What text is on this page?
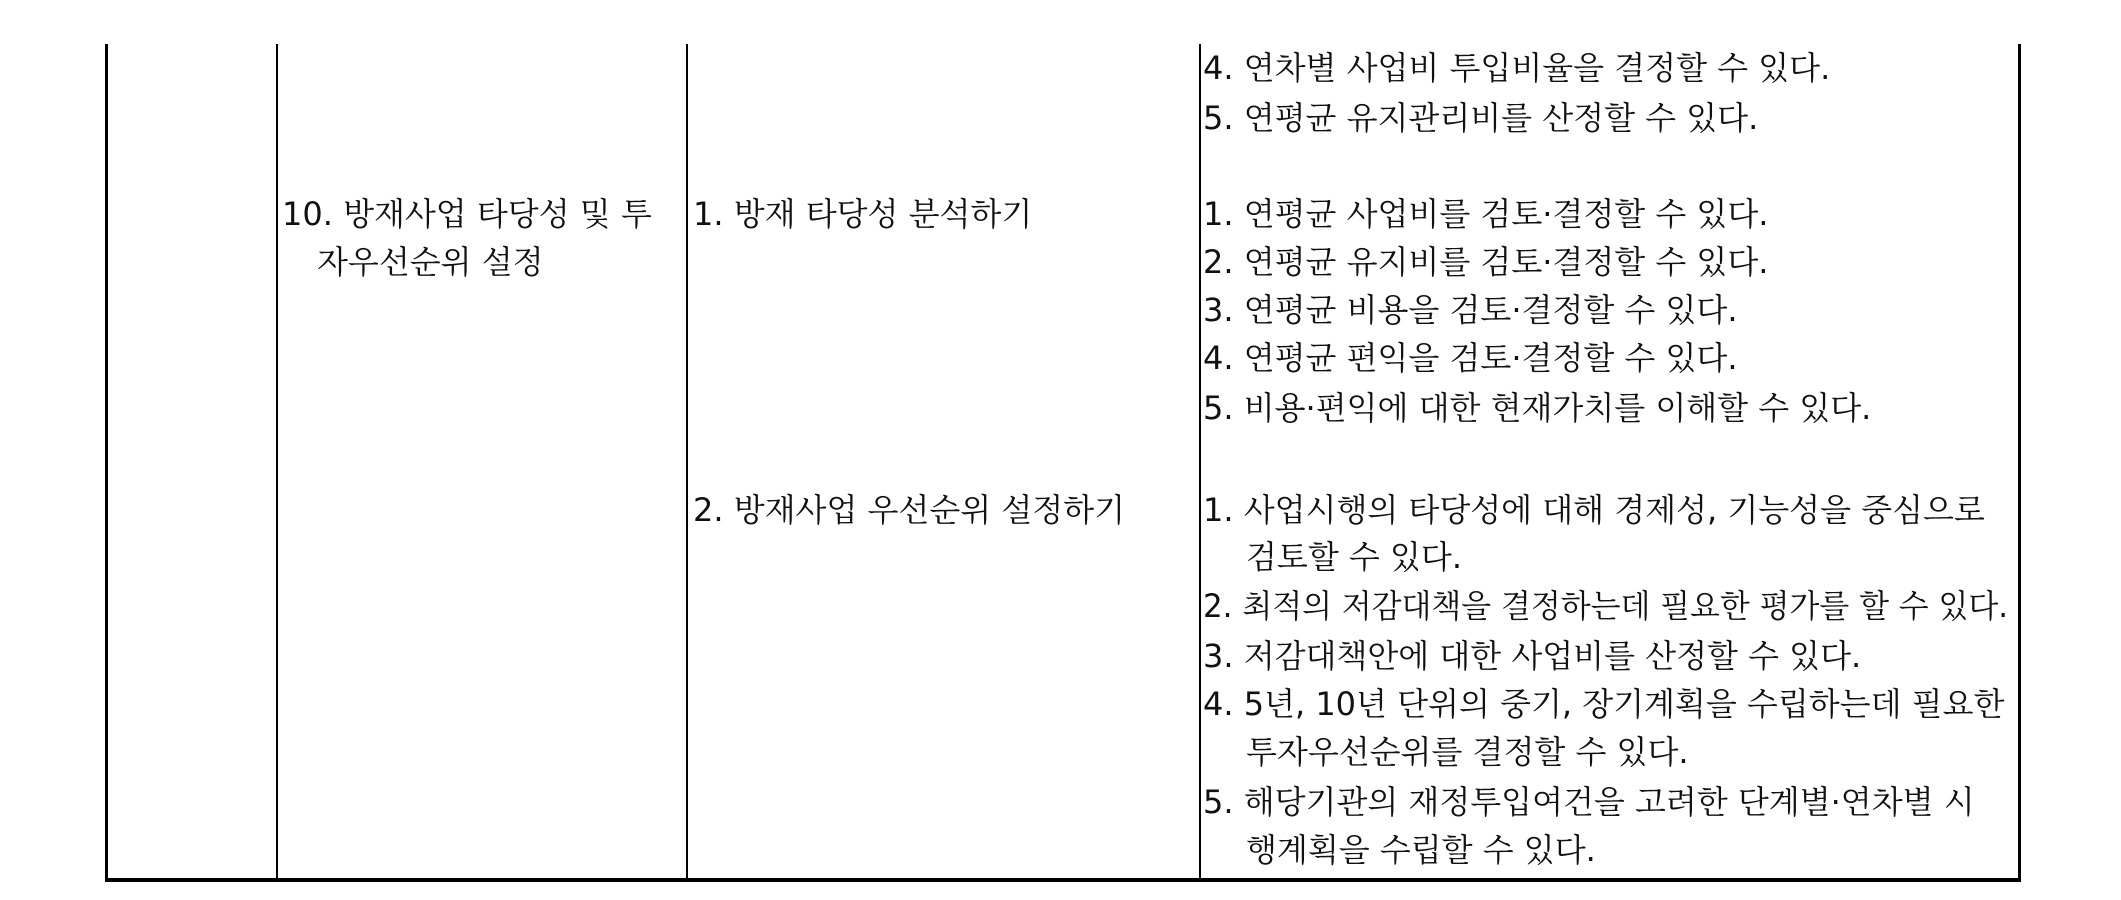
4. 연차별 사업비 투입비율을 결정할 수 있다.
5. 연평균 유지관리비를 산정할 수 있다.
10. 방재사업 타당성 및 투
자우선순위 설정
1. 방재 타당성 분석하기	1. 연평균 사업비를 검토·결정할 수 있다.
2. 연평균 유지비를 검토·결정할 수 있다.
3. 연평균 비용을 검토·결정할 수 있다.
4. 연평균 편익을 검토·결정할 수 있다.
5. 비용·편익에 대한 현재가치를 이해할 수 있다.
2. 방재사업 우선순위 설정하기 1. 사업시행의 타당성에 대해 경제성, 기능성을 중심으로
검토할 수 있다.
2. 최적의 저감대책을 결정하는데 필요한 평가를 할 수 있다.
3. 저감대책안에 대한 사업비를 산정할 수 있다.
4. 5년, 10년 단위의 중기, 장기계획을 수립하는데 필요한
투자우선순위를 결정할 수 있다.
5. 해당기관의 재정투입여건을 고려한 단계별·연차별 시
행계획을 수립할 수 있다.
